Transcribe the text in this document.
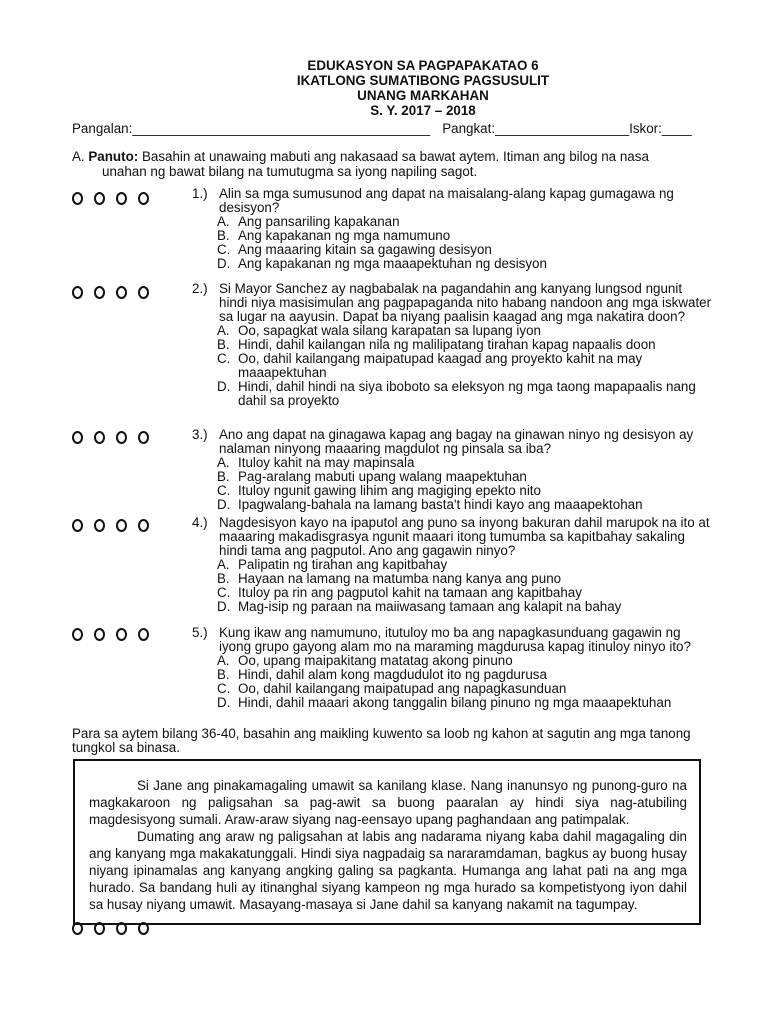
EDUKASYON SA PAGPAPAKATAO 6
IKATLONG SUMATIBONG PAGSUSULIT
UNANG MARKAHAN
S. Y. 2017 – 2018
Pangalan:________________________________________ Pangkat:__________________Iskor:____
A. Panuto: Basahin at unawaing mabuti ang nakasaad sa bawat aytem. Itiman ang bilog na nasa
unahan ng bawat bilang na tumutugma sa iyong napiling sagot.
1.) Alin sa mga sumusunod ang dapat na maisalang-alang kapag gumagawa ng desisyon?
A. Ang pansariling kapakanan
B. Ang kapakanan ng mga namumuno
C. Ang maaaring kitain sa gagawing desisyon
D. Ang kapakanan ng mga maaapektuhan ng desisyon
2.) Si Mayor Sanchez ay nagbabalak na pagandahin ang kanyang lungsod ngunit hindi niya masisimulan ang pagpapaganda nito habang nandoon ang mga iskwater sa lugar na aayusin. Dapat ba niyang paalisin kaagad ang mga nakatira doon?
A. Oo, sapagkat wala silang karapatan sa lupang iyon
B. Hindi, dahil kailangan nila ng malilipatang tirahan kapag napaalis doon
C. Oo, dahil kailangang maipatupad kaagad ang proyekto kahit na may maaapektuhan
D. Hindi, dahil hindi na siya iboboto sa eleksyon ng mga taong mapapaalis nang dahil sa proyekto
3.) Ano ang dapat na ginagawa kapag ang bagay na ginawan ninyo ng desisyon ay nalaman ninyong maaaring magdulot ng pinsala sa iba?
A. Ituloy kahit na may mapinsala
B. Pag-aralang mabuti upang walang maapektuhan
C. Ituloy ngunit gawing lihim ang magiging epekto nito
D. Ipagwalang-bahala na lamang basta't hindi kayo ang maaapektohan
4.) Nagdesisyon kayo na ipaputol ang puno sa inyong bakuran dahil marupok na ito at maaaring makadisgrasya ngunit maaari itong tumumba sa kapitbahay sakaling hindi tama ang pagputol. Ano ang gagawin ninyo?
A. Palipatin ng tirahan ang kapitbahay
B. Hayaan na lamang na matumba nang kanya ang puno
C. Ituloy pa rin ang pagputol kahit na tamaan ang kapitbahay
D. Mag-isip ng paraan na maiiwasang tamaan ang kalapit na bahay
5.) Kung ikaw ang namumuno, itutuloy mo ba ang napagkasunduang gagawin ng iyong grupo gayong alam mo na maraming magdurusa kapag itinuloy ninyo ito?
A. Oo, upang maipakitang matatag akong pinuno
B. Hindi, dahil alam kong magdudulot ito ng pagdurusa
C. Oo, dahil kailangang maipatupad ang napagkasunduan
D. Hindi, dahil maaari akong tanggalin bilang pinuno ng mga maaapektuhan
Para sa aytem bilang 36-40, basahin ang maikling kuwento sa loob ng kahon at sagutin ang mga tanong tungkol sa binasa.

Si Jane ang pinakamagaling umawit sa kanilang klase. Nang inanunsyo ng punong-guro na magkakaroon ng paligsahan sa pag-awit sa buong paaralan ay hindi siya nag-atubiling magdesisyong sumali. Araw-araw siyang nag-eensayo upang paghandaan ang patimpalak.

Dumating ang araw ng paligsahan at labis ang nadarama niyang kaba dahil magagaling din ang kanyang mga makakatunggali. Hindi siya nagpadaig sa nararamdaman, bagkus ay buong husay niyang ipinamalas ang kanyang angking galing sa pagkanta. Humanga ang lahat pati na ang mga hurado. Sa bandang huli ay itinanghal siyang kampeon ng mga hurado sa kompetistyong iyon dahil sa husay niyang umawit. Masayang-masaya si Jane dahil sa kanyang nakamit na tagumpay.
